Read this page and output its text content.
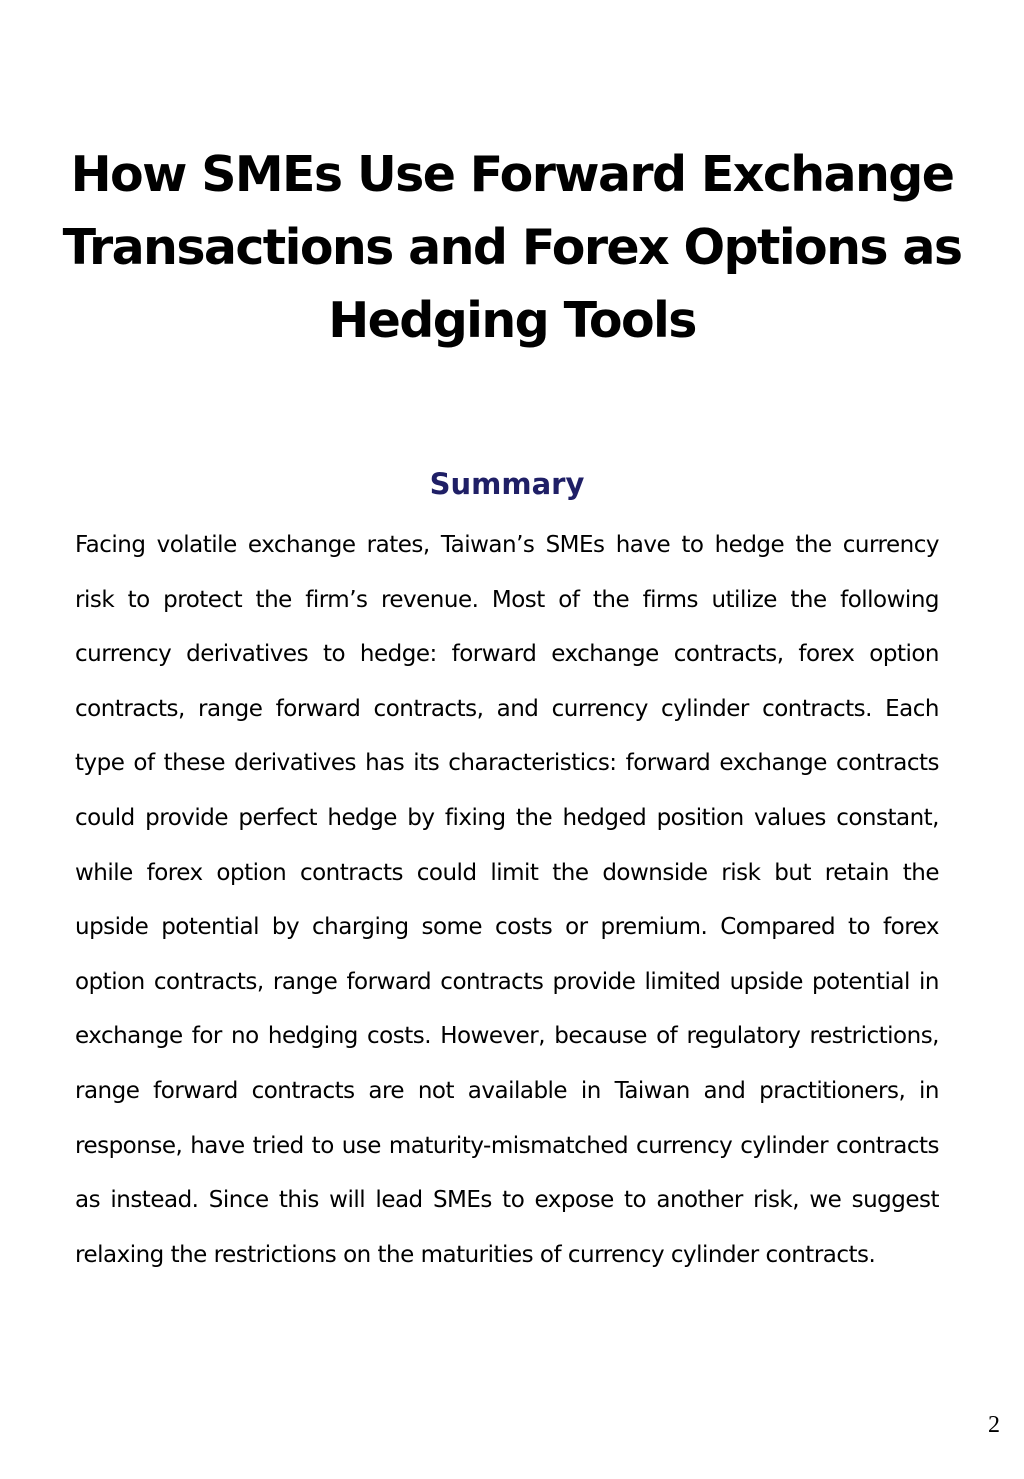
How SMEs Use Forward Exchange Transactions and Forex Options as Hedging Tools
Summary

Facing volatile exchange rates, Taiwan’s SMEs have to hedge the currency risk to protect the firm’s revenue. Most of the firms utilize the following currency derivatives to hedge: forward exchange contracts, forex option contracts, range forward contracts, and currency cylinder contracts. Each type of these derivatives has its characteristics: forward exchange contracts could provide perfect hedge by fixing the hedged position values constant, while forex option contracts could limit the downside risk but retain the upside potential by charging some costs or premium. Compared to forex option contracts, range forward contracts provide limited upside potential in exchange for no hedging costs. However, because of regulatory restrictions, range forward contracts are not available in Taiwan and practitioners, in response, have tried to use maturity-mismatched currency cylinder contracts as instead. Since this will lead SMEs to expose to another risk, we suggest relaxing the restrictions on the maturities of currency cylinder contracts.

2
